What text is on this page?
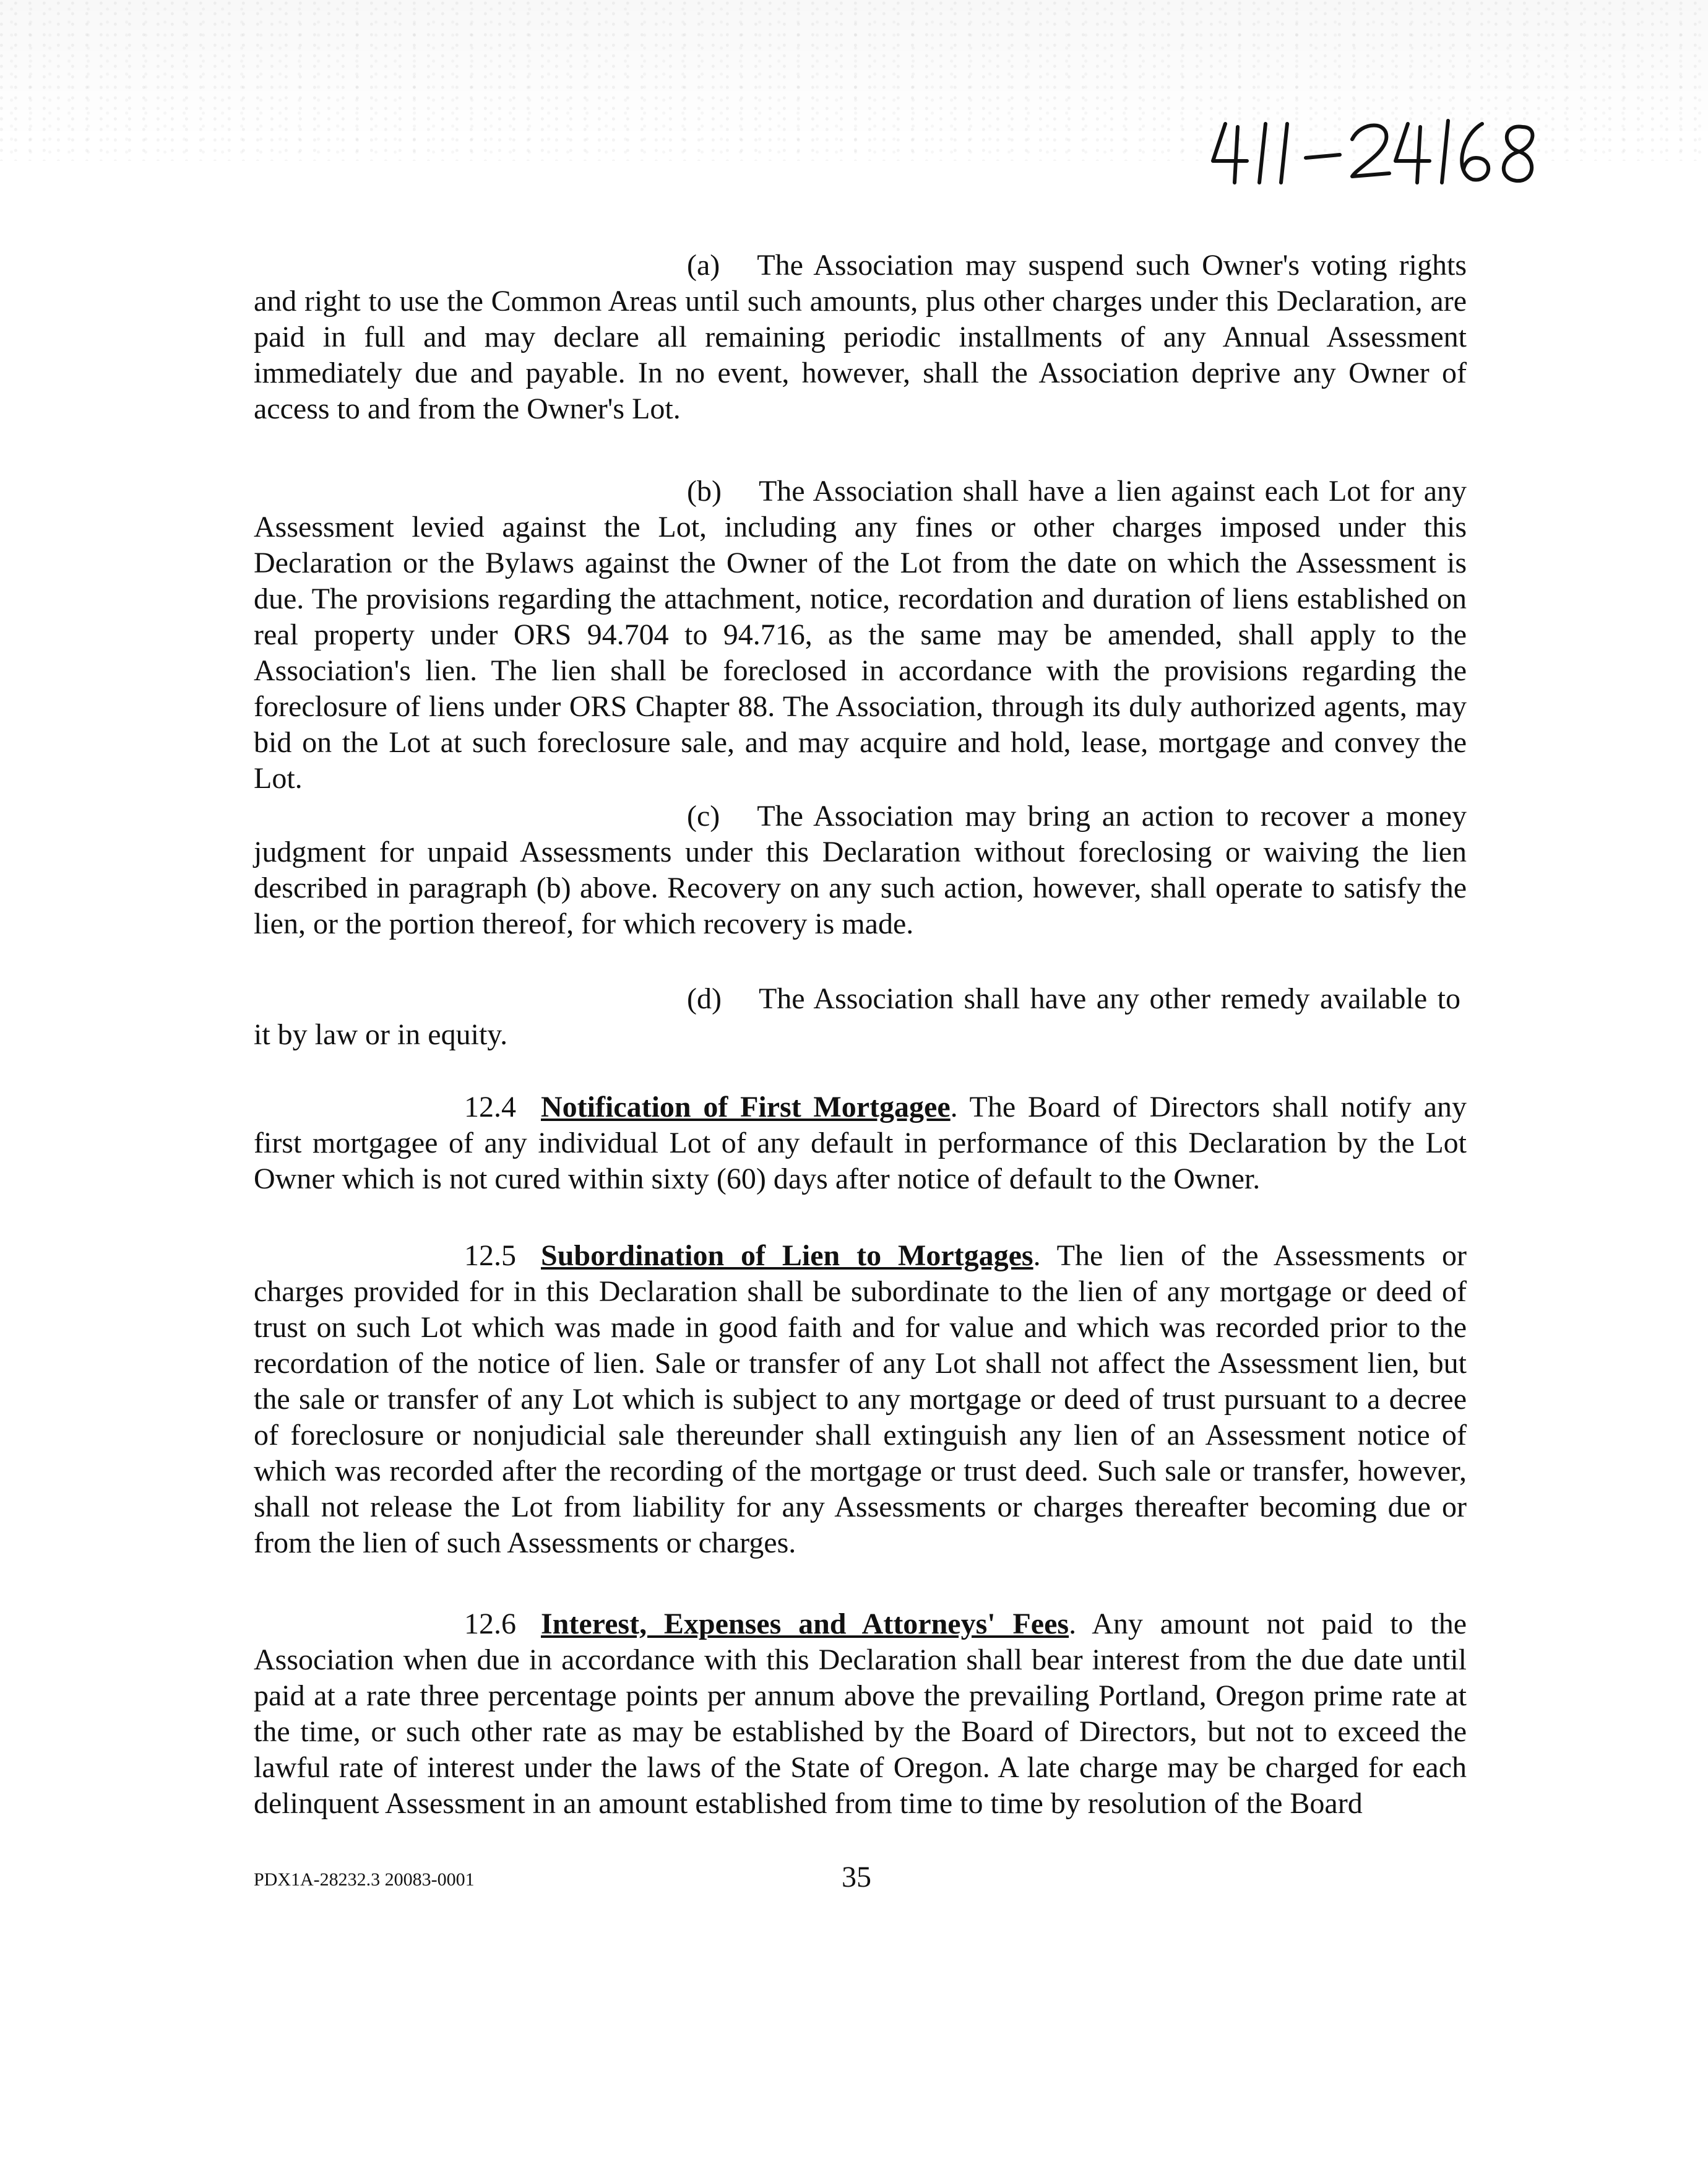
(a) The Association may suspend such Owner's voting rights and right to use the Common Areas until such amounts, plus other charges under this Declaration, are paid in full and may declare all remaining periodic installments of any Annual Assessment immediately due and payable. In no event, however, shall the Association deprive any Owner of access to and from the Owner's Lot.

(b) The Association shall have a lien against each Lot for any Assessment levied against the Lot, including any fines or other charges imposed under this Declaration or the Bylaws against the Owner of the Lot from the date on which the Assessment is due. The provisions regarding the attachment, notice, recordation and duration of liens established on real property under ORS 94.704 to 94.716, as the same may be amended, shall apply to the Association's lien. The lien shall be foreclosed in accordance with the provisions regarding the foreclosure of liens under ORS Chapter 88. The Association, through its duly authorized agents, may bid on the Lot at such foreclosure sale, and may acquire and hold, lease, mortgage and convey the Lot.

(c) The Association may bring an action to recover a money judgment for unpaid Assessments under this Declaration without foreclosing or waiving the lien described in paragraph (b) above. Recovery on any such action, however, shall operate to satisfy the lien, or the portion thereof, for which recovery is made.

(d) The Association shall have any other remedy available to it by law or in equity.

12.4 Notification of First Mortgagee. The Board of Directors shall notify any first mortgagee of any individual Lot of any default in performance of this Declaration by the Lot Owner which is not cured within sixty (60) days after notice of default to the Owner.

12.5 Subordination of Lien to Mortgages. The lien of the Assessments or charges provided for in this Declaration shall be subordinate to the lien of any mortgage or deed of trust on such Lot which was made in good faith and for value and which was recorded prior to the recordation of the notice of lien. Sale or transfer of any Lot shall not affect the Assessment lien, but the sale or transfer of any Lot which is subject to any mortgage or deed of trust pursuant to a decree of foreclosure or nonjudicial sale thereunder shall extinguish any lien of an Assessment notice of which was recorded after the recording of the mortgage or trust deed. Such sale or transfer, however, shall not release the Lot from liability for any Assessments or charges thereafter becoming due or from the lien of such Assessments or charges.

12.6 Interest, Expenses and Attorneys' Fees. Any amount not paid to the Association when due in accordance with this Declaration shall bear interest from the due date until paid at a rate three percentage points per annum above the prevailing Portland, Oregon prime rate at the time, or such other rate as may be established by the Board of Directors, but not to exceed the lawful rate of interest under the laws of the State of Oregon. A late charge may be charged for each delinquent Assessment in an amount established from time to time by resolution of the Board

PDX1A-28232.3 20083-0001	35
